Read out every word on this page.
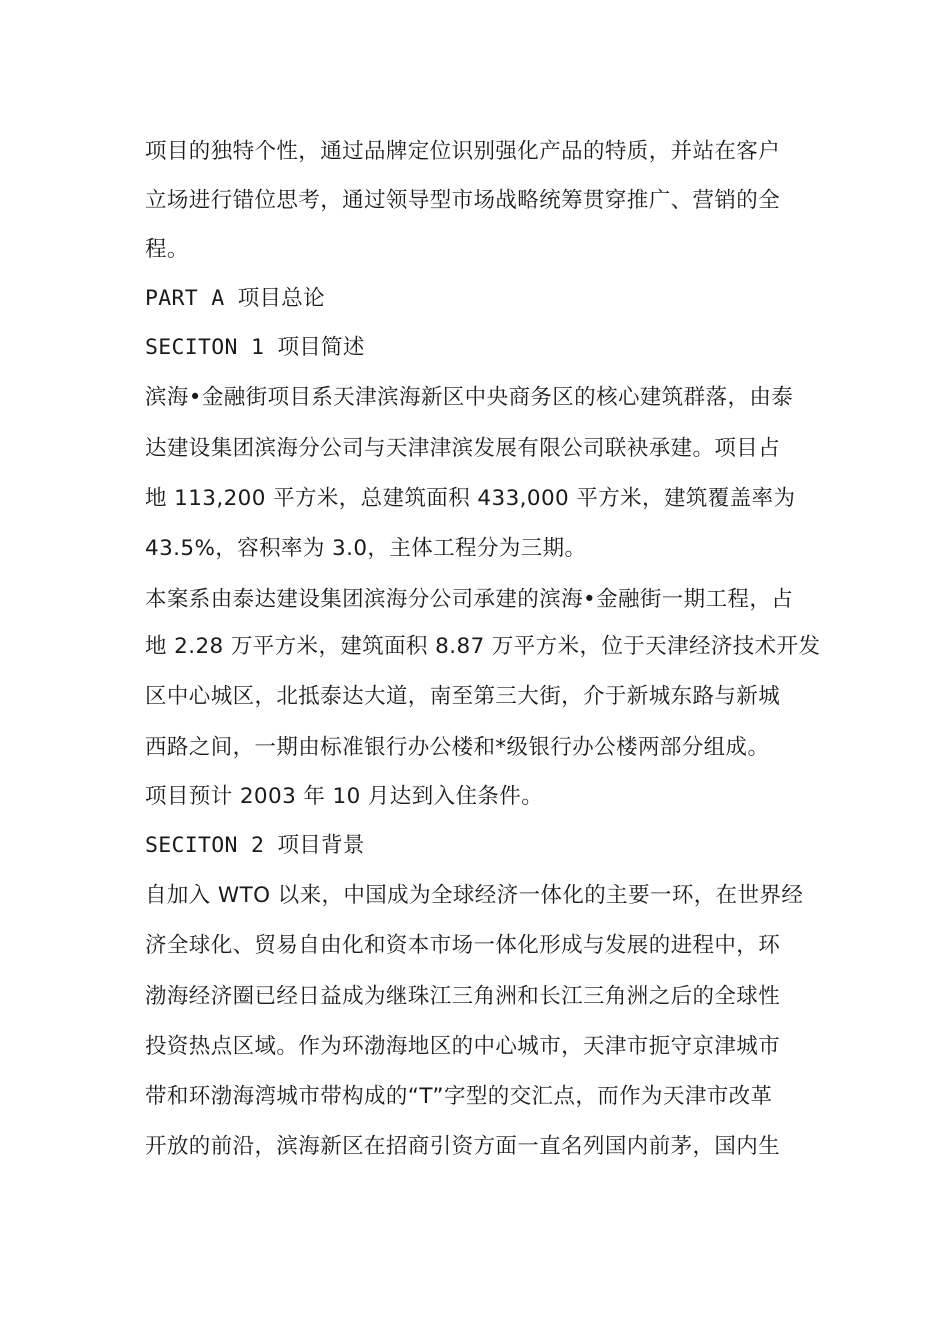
项目的独特个性，通过品牌定位识别强化产品的特质，并站在客户
立场进行错位思考，通过领导型市场战略统筹贯穿推广、营销的全
程。
PART A 项目总论
SECITON 1 项目简述
滨海•金融街项目系天津滨海新区中央商务区的核心建筑群落，由泰
达建设集团滨海分公司与天津津滨发展有限公司联袂承建。项目占
地 113,200 平方米，总建筑面积 433,000 平方米，建筑覆盖率为
43.5%，容积率为 3.0，主体工程分为三期。
本案系由泰达建设集团滨海分公司承建的滨海•金融街一期工程，占
地 2.28 万平方米，建筑面积 8.87 万平方米，位于天津经济技术开发
区中心城区，北抵泰达大道，南至第三大街，介于新城东路与新城
西路之间，一期由标准银行办公楼和*级银行办公楼两部分组成。
项目预计 2003 年 10 月达到入住条件。
SECITON 2 项目背景
自加入 WTO 以来，中国成为全球经济一体化的主要一环，在世界经
济全球化、贸易自由化和资本市场一体化形成与发展的进程中，环
渤海经济圈已经日益成为继珠江三角洲和长江三角洲之后的全球性
投资热点区域。作为环渤海地区的中心城市，天津市扼守京津城市
带和环渤海湾城市带构成的“T”字型的交汇点，而作为天津市改革
开放的前沿，滨海新区在招商引资方面一直名列国内前茅，国内生
